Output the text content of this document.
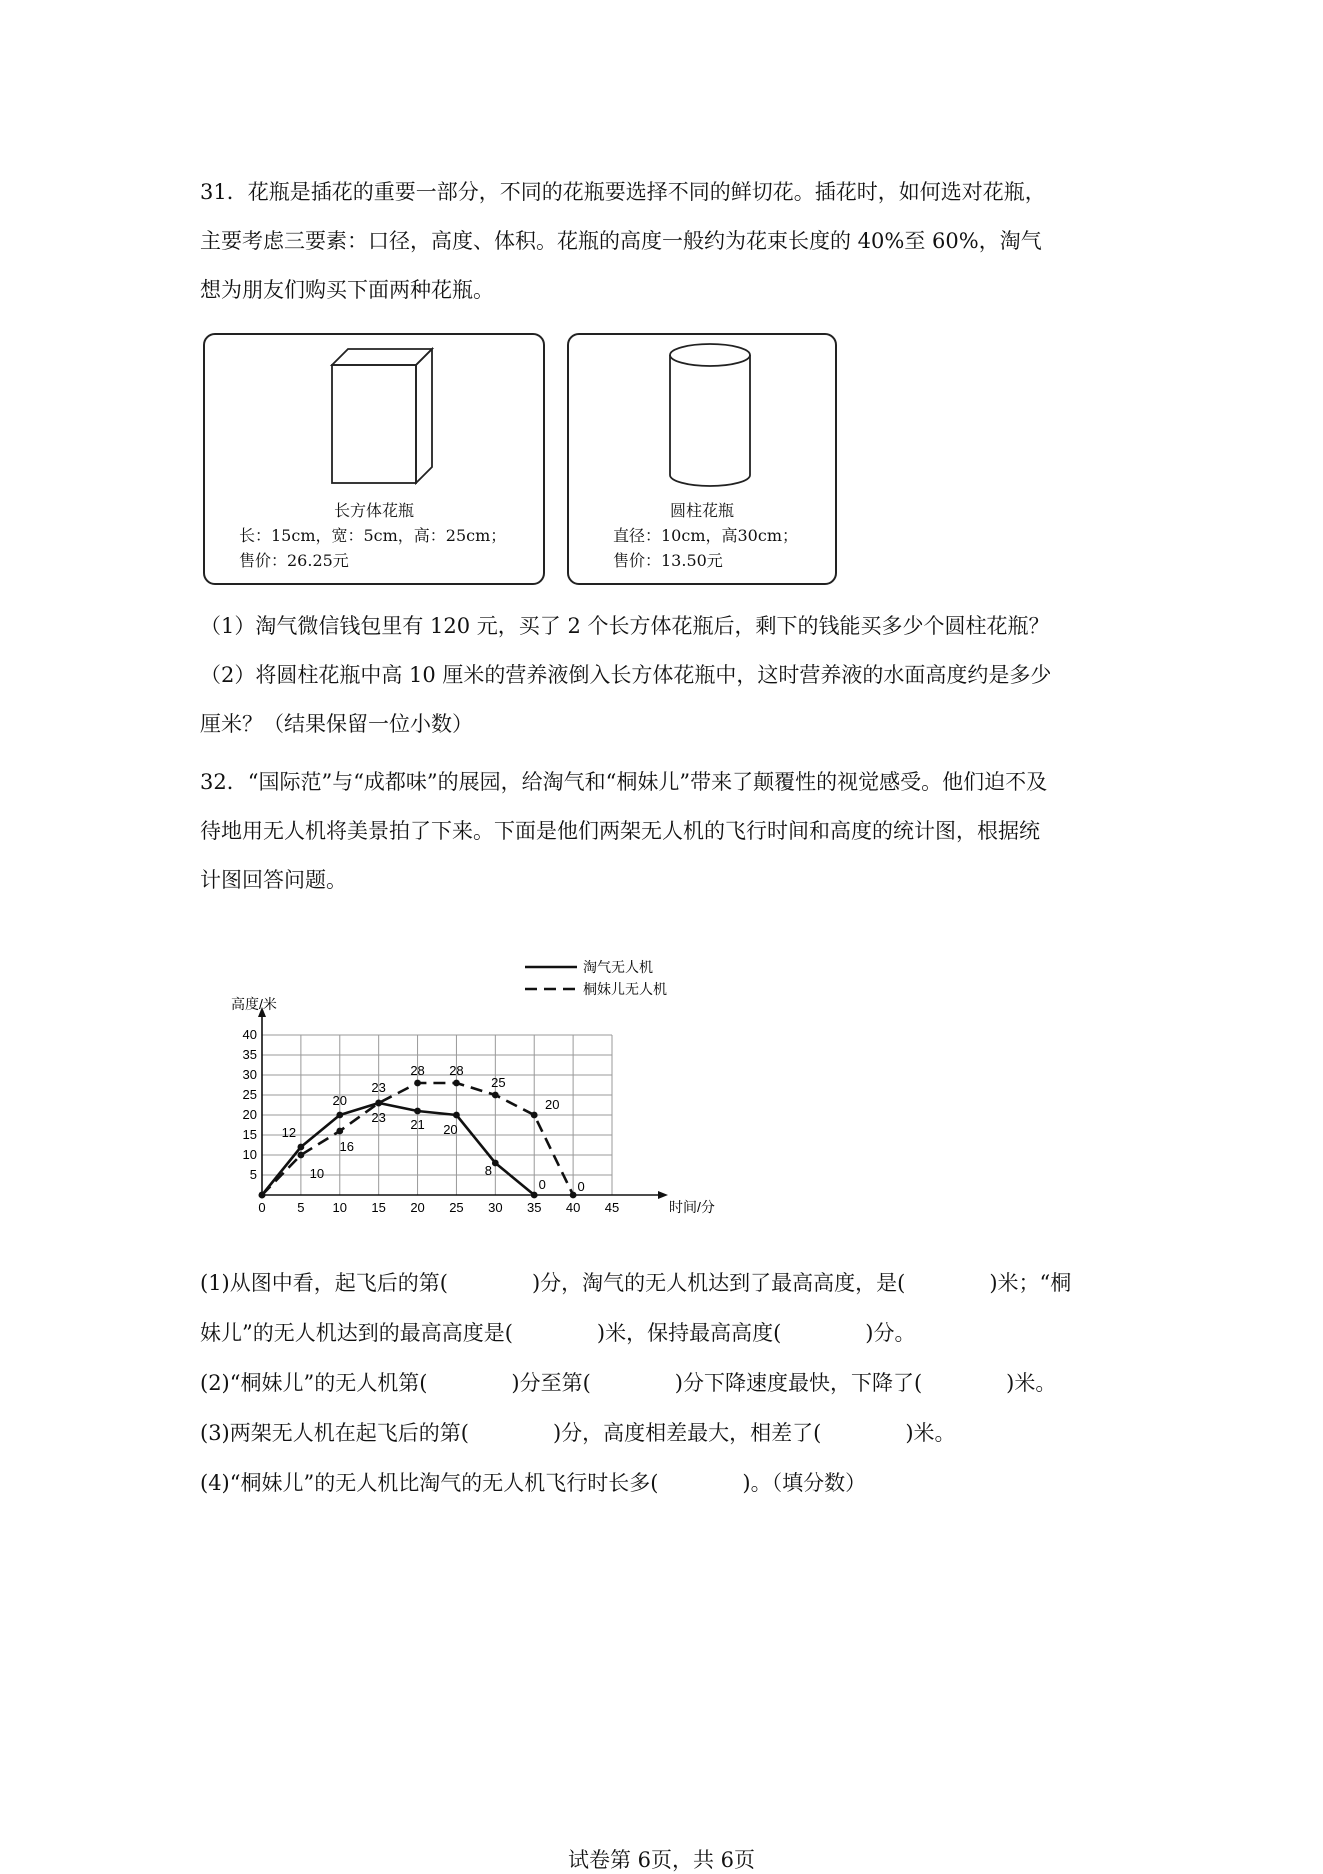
31．花瓶是插花的重要一部分，不同的花瓶要选择不同的鲜切花。插花时，如何选对花瓶，

主要考虑三要素：口径，高度、体积。花瓶的高度一般约为花束长度的 40%至 60%，淘气

想为朋友们购买下面两种花瓶。

长方体花瓶
长：15cm，宽：5cm，高：25cm；
售价：26.25元
圆柱花瓶
直径：10cm，高30cm；
售价：13.50元

（1）淘气微信钱包里有 120 元，买了 2 个长方体花瓶后，剩下的钱能买多少个圆柱花瓶？

（2）将圆柱花瓶中高 10 厘米的营养液倒入长方体花瓶中，这时营养液的水面高度约是多少

厘米？（结果保留一位小数）

32．“国际范”与“成都味”的展园，给淘气和“桐妹儿”带来了颠覆性的视觉感受。他们迫不及

待地用无人机将美景拍了下来。下面是他们两架无人机的飞行时间和高度的统计图，根据统

计图回答问题。

0 5 10 15 20 25 30 35 40 45
5
10
15
20
25
30
35
40
高度/米
时间/分
12
20
23
21 20
8
0
10
16
23
28 28
25
20
0
淘气无人机
桐妹儿无人机
(1)从图中看，起飞后的第(　　　　)分，淘气的无人机达到了最高高度，是(　　　　)米；“桐
妹儿”的无人机达到的最高高度是(　　　　)米，保持最高高度(　　　　)分。
(2)“桐妹儿”的无人机第(　　　　)分至第(　　　　)分下降速度最快，下降了(　　　　)米。
(3)两架无人机在起飞后的第(　　　　)分，高度相差最大，相差了(　　　　)米。
(4)“桐妹儿”的无人机比淘气的无人机飞行时长多(　　　　)。（填分数）
试卷第 6页，共 6页
